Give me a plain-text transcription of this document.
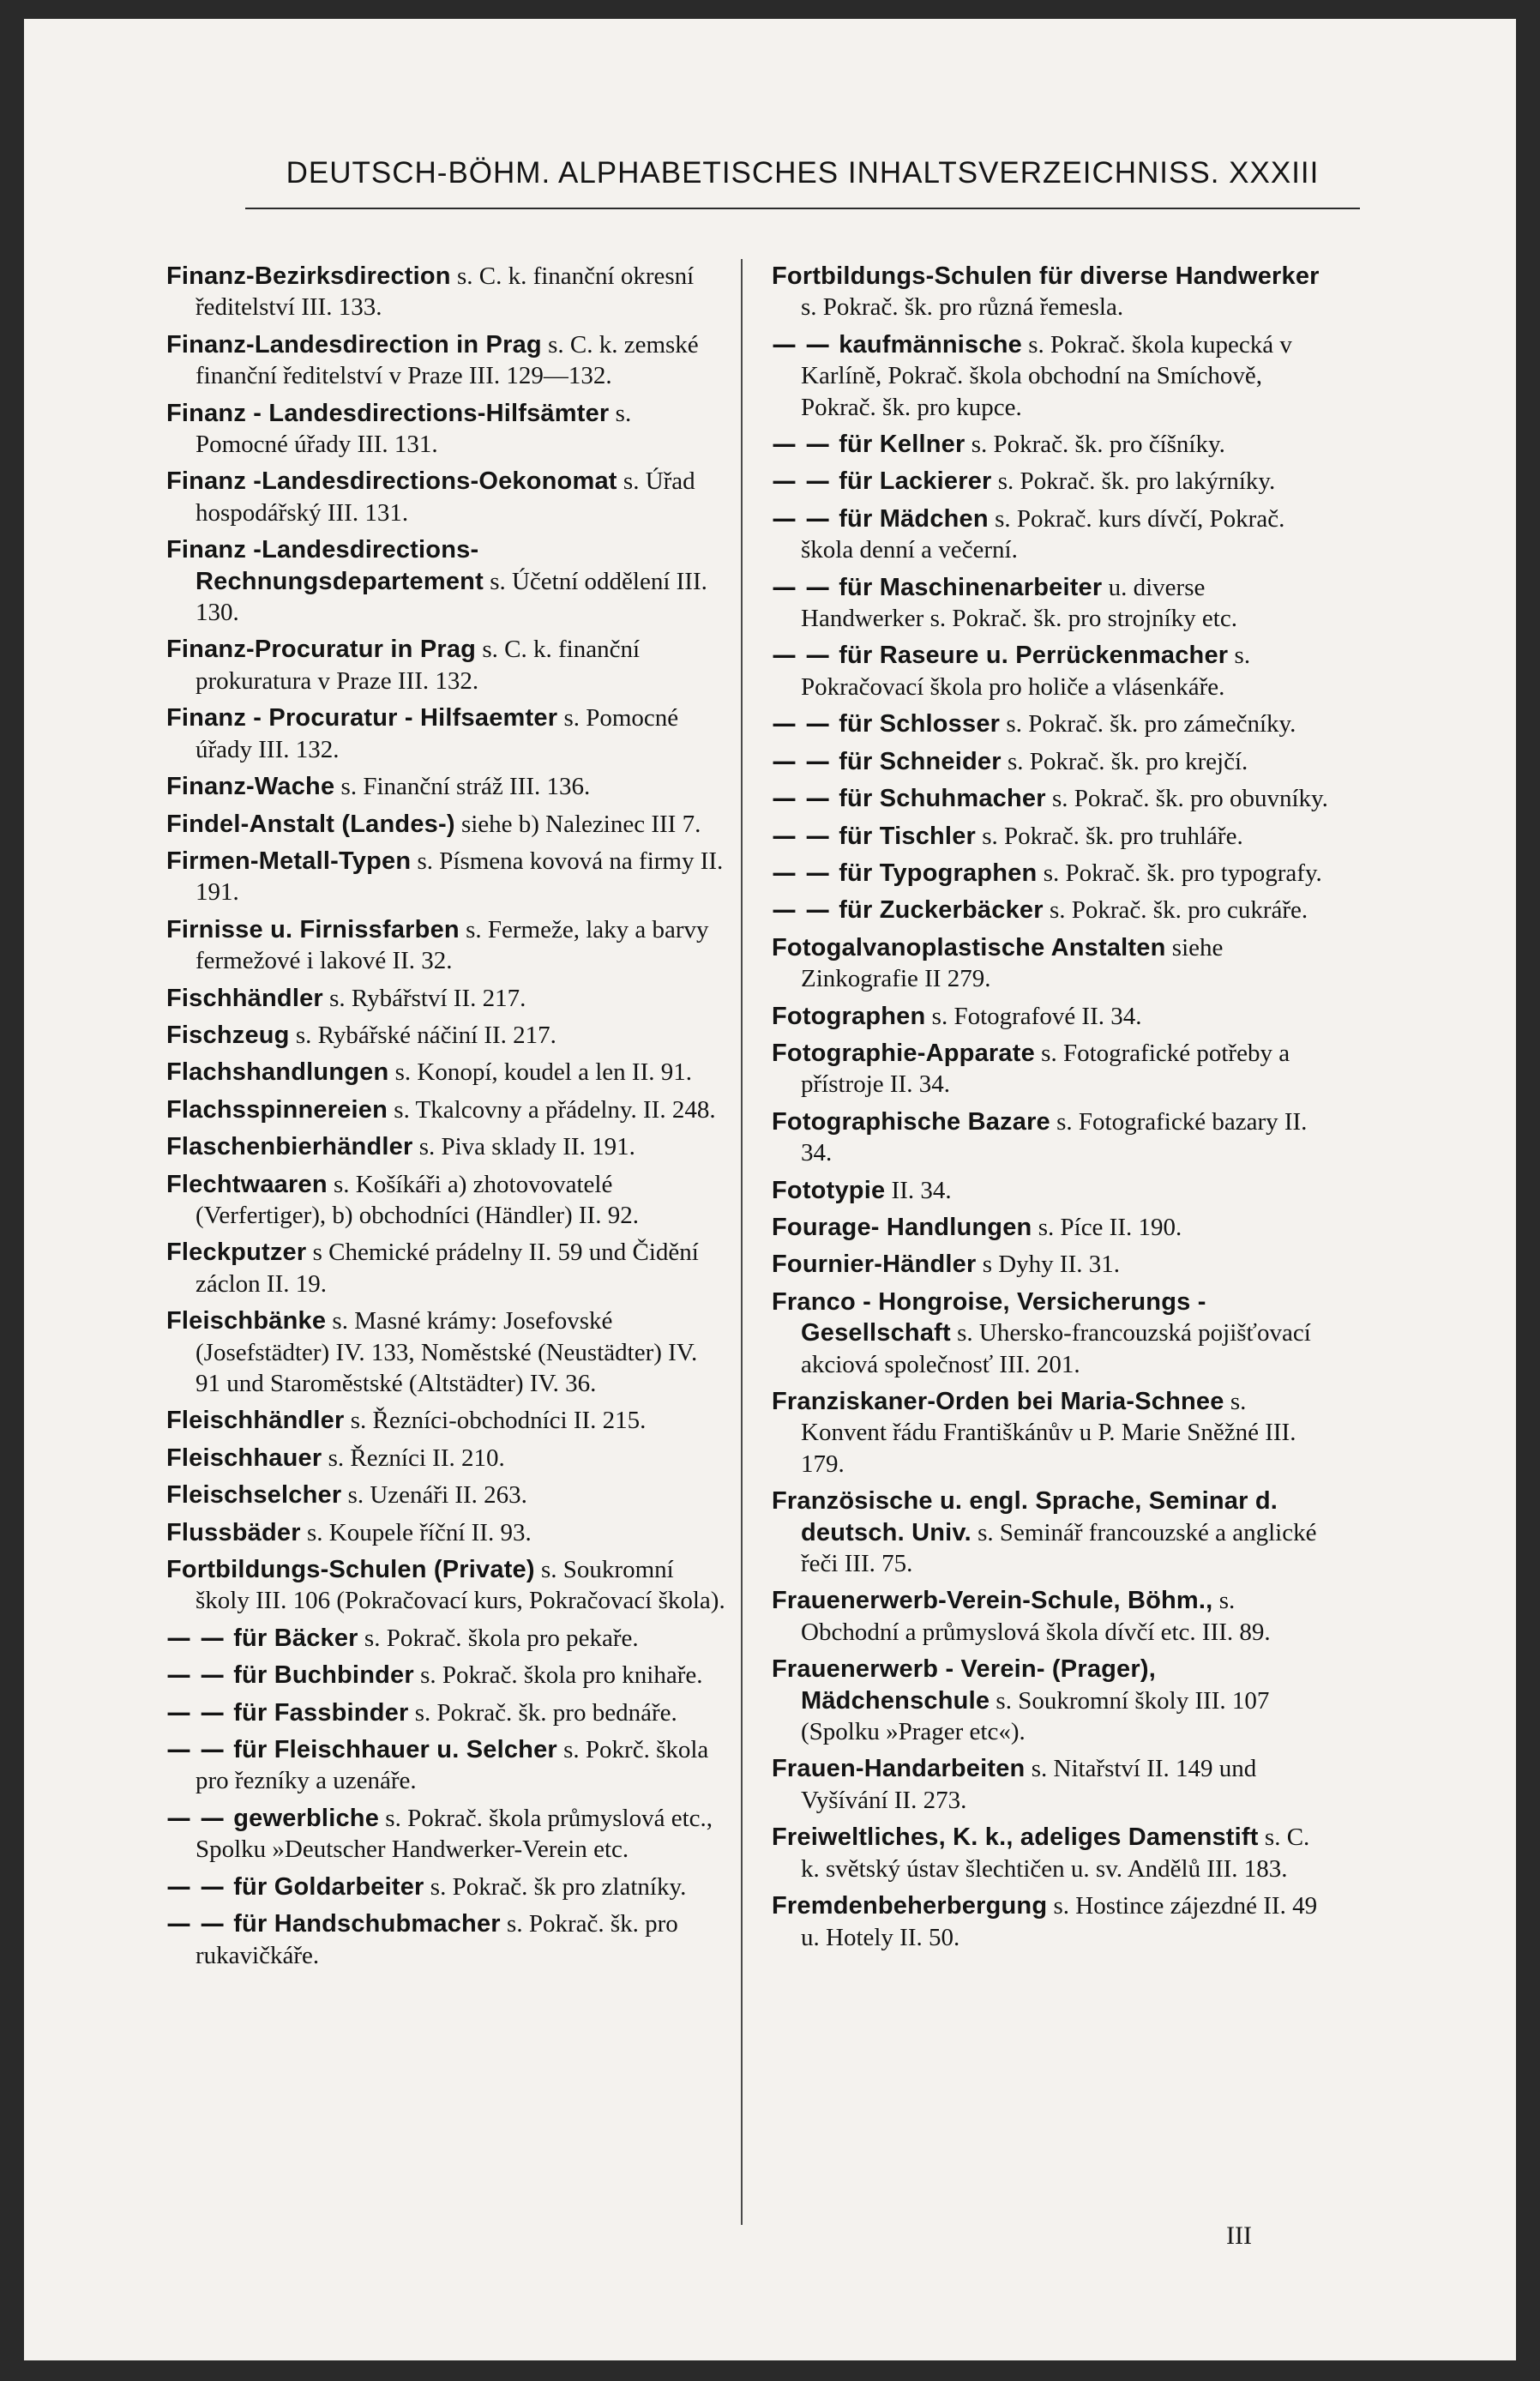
DEUTSCH-BÖHM. ALPHABETISCHES INHALTSVERZEICHNISS. XXXIII

Finanz-Bezirksdirection s. C. k. finanční okresní ředitelství III. 133.

Finanz-Landesdirection in Prag s. C. k. zemské finanční ředitelství v Praze III. 129—132.

Finanz - Landesdirections-Hilfsämter s. Pomocné úřady III. 131.

Finanz -Landesdirections-Oekonomat s. Úřad hospodářský III. 131.

Finanz -Landesdirections-Rechnungsdepartement s. Účetní oddělení III. 130.

Finanz-Procuratur in Prag s. C. k. finanční prokuratura v Praze III. 132.

Finanz - Procuratur - Hilfsaemter s. Pomocné úřady III. 132.

Finanz-Wache s. Finanční stráž III. 136.

Findel-Anstalt (Landes-) siehe b) Nalezinec III 7.

Firmen-Metall-Typen s. Písmena kovová na firmy II. 191.

Firnisse u. Firnissfarben s. Fermeže, laky a barvy fermežové i lakové II. 32.

Fischhändler s. Rybářství II. 217.

Fischzeug s. Rybářské náčiní II. 217.

Flachshandlungen s. Konopí, koudel a len II. 91.

Flachsspinnereien s. Tkalcovny a přádelny. II. 248.

Flaschenbierhändler s. Piva sklady II. 191.

Flechtwaaren s. Košíkáři a) zhotovovatelé (Verfertiger), b) obchodníci (Händler) II. 92.

Fleckputzer s Chemické prádelny II. 59 und Čidění záclon II. 19.

Fleischbänke s. Masné krámy: Josefovské (Josefstädter) IV. 133, Noměstské (Neustädter) IV. 91 und Staroměstské (Altstädter) IV. 36.

Fleischhändler s. Řezníci-obchodníci II. 215.

Fleischhauer s. Řezníci II. 210.

Fleischselcher s. Uzenáři II. 263.

Flussbäder s. Koupele říční II. 93.

Fortbildungs-Schulen (Private) s. Soukromní školy III. 106 (Pokračovací kurs, Pokračovací škola).

— — für Bäcker s. Pokrač. škola pro pekaře.

— — für Buchbinder s. Pokrač. škola pro knihaře.

— — für Fassbinder s. Pokrač. šk. pro bednáře.

— — für Fleischhauer u. Selcher s. Pokrč. škola pro řezníky a uzenáře.

— — gewerbliche s. Pokrač. škola průmyslová etc., Spolku »Deutscher Handwerker-Verein etc.

— — für Goldarbeiter s. Pokrač. šk pro zlatníky.

— — für Handschubmacher s. Pokrač. šk. pro rukavičkáře.

Fortbildungs-Schulen für diverse Handwerker s. Pokrač. šk. pro různá řemesla.

— — kaufmännische s. Pokrač. škola kupecká v Karlíně, Pokrač. škola obchodní na Smíchově, Pokrač. šk. pro kupce.

— — für Kellner s. Pokrač. šk. pro číšníky.

— — für Lackierer s. Pokrač. šk. pro lakýrníky.

— — für Mädchen s. Pokrač. kurs dívčí, Pokrač. škola denní a večerní.

— — für Maschinenarbeiter u. diverse Handwerker s. Pokrač. šk. pro strojníky etc.

— — für Raseure u. Perrückenmacher s. Pokračovací škola pro holiče a vlásenkáře.

— — für Schlosser s. Pokrač. šk. pro zámečníky.

— — für Schneider s. Pokrač. šk. pro krejčí.

— — für Schuhmacher s. Pokrač. šk. pro obuvníky.

— — für Tischler s. Pokrač. šk. pro truhláře.

— — für Typographen s. Pokrač. šk. pro typografy.

— — für Zuckerbäcker s. Pokrač. šk. pro cukráře.

Fotogalvanoplastische Anstalten siehe Zinkografie II 279.

Fotographen s. Fotografové II. 34.

Fotographie-Apparate s. Fotografické potřeby a přístroje II. 34.

Fotographische Bazare s. Fotografické bazary II. 34.

Fototypie II. 34.

Fourage- Handlungen s. Píce II. 190.

Fournier-Händler s Dyhy II. 31.

Franco - Hongroise, Versicherungs - Gesellschaft s. Uhersko-francouzská pojišťovací akciová společnosť III. 201.

Franziskaner-Orden bei Maria-Schnee s. Konvent řádu Františkánův u P. Marie Sněžné III. 179.

Französische u. engl. Sprache, Seminar d. deutsch. Univ. s. Seminář francouzské a anglické řeči III. 75.

Frauenerwerb-Verein-Schule, Böhm., s. Obchodní a průmyslová škola dívčí etc. III. 89.

Frauenerwerb - Verein- (Prager), Mädchenschule s. Soukromní školy III. 107 (Spolku »Prager etc«).

Frauen-Handarbeiten s. Nitařství II. 149 und Vyšívání II. 273.

Freiweltliches, K. k., adeliges Damenstift s. C. k. světský ústav šlechtičen u. sv. Andělů III. 183.

Fremdenbeherbergung s. Hostince zájezdné II. 49 u. Hotely II. 50.

III
